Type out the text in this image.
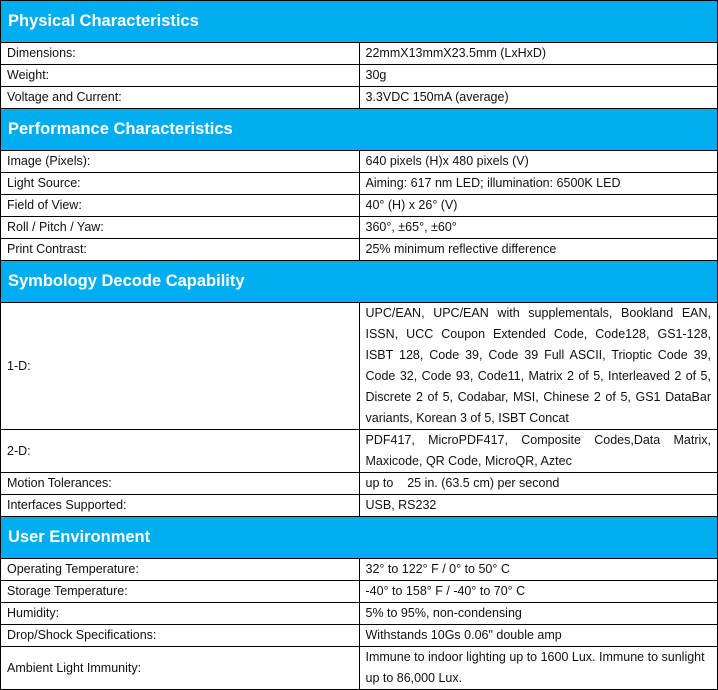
Physical Characteristics	
Dimensions:	22mmX13mmX23.5mm (LxHxD)
Weight:	30g
Voltage and Current:	3.3VDC 150mA (average)
Performance Characteristics	
Image (Pixels):	640 pixels (H)x 480 pixels (V)
Light Source:	Aiming: 617 nm LED; illumination: 6500K LED
Field of View:	40° (H) x 26° (V)
Roll / Pitch / Yaw:	360°, ±65°, ±60°
Print Contrast:	25% minimum reflective difference
Symbology Decode Capability	
1-D:	UPC/EAN, UPC/EAN with supplementals, Bookland EAN, ISSN, UCC Coupon Extended Code, Code128, GS1-128, ISBT 128, Code 39, Code 39 Full ASCII, Trioptic Code 39, Code 32, Code 93, Code11, Matrix 2 of 5, Interleaved 2 of 5, Discrete 2 of 5, Codabar, MSI, Chinese 2 of 5, GS1 DataBar variants, Korean 3 of 5, ISBT Concat
2-D:	PDF417, MicroPDF417, Composite Codes,Data Matrix, Maxicode, QR Code, MicroQR, Aztec
Motion Tolerances:	up to    25 in. (63.5 cm) per second
Interfaces Supported:	USB, RS232
User Environment	
Operating Temperature:	32° to 122° F / 0° to 50° C
Storage Temperature:	-40° to 158° F / -40° to 70° C
Humidity:	5% to 95%, non-condensing
Drop/Shock Specifications:	Withstands 10Gs 0.06" double amp
Ambient Light Immunity:	Immune to indoor lighting up to 1600 Lux. Immune to sunlight up to 86,000 Lux.
